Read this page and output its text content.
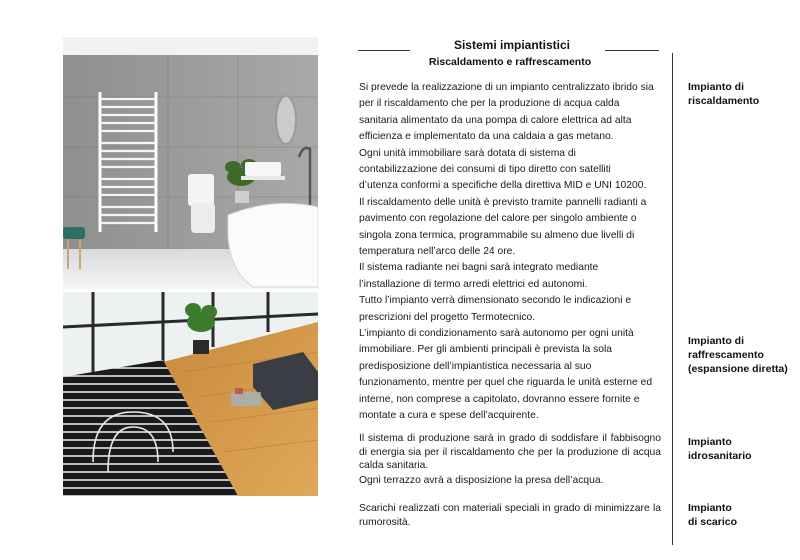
Sistemi impiantistici
Riscaldamento e raffrescamento

Si prevede la realizzazione di un impianto centralizzato ibrido sia

per il riscaldamento che per la produzione di acqua calda

sanitaria alimentato da una pompa di calore elettrica ad alta

efficienza e implementato da una caldaia a gas metano.

Ogni unità immobiliare sarà dotata di sistema di

contabilizzazione dei consumi di tipo diretto con satelliti

d’utenza conformi a specifiche della direttiva MID e UNI 10200.

Il riscaldamento delle unità è previsto tramite pannelli radianti a

pavimento con regolazione del calore per singolo ambiente o

singola zona termica, programmabile su almeno due livelli di

temperatura nell’arco delle 24 ore.

Il sistema radiante nei bagni sarà integrato mediante

l’installazione di termo arredi elettrici ed autonomi.

Tutto l’impianto verrà dimensionato secondo le indicazioni e

prescrizioni del progetto Termotecnico.

L’impianto di condizionamento sarà autonomo per ogni unità

immobiliare. Per gli ambienti principali è prevista la sola

predisposizione dell’impiantistica necessaria al suo

funzionamento, mentre per quel che riguarda le unità esterne ed

interne, non comprese a capitolato, dovranno essere fornite e

montate a cura e spese dell’acquirente.

Il sistema di produzione sarà in grado di soddisfare il fabbisogno di energia sia per il riscaldamento che per la produzione di acqua calda sanitaria.

Ogni terrazzo avrà a disposizione la presa dell’acqua.

Scarichi realizzati con materiali speciali in grado di minimizzare la rumorosità.

Impianto di
riscaldamento
Impianto di
raffrescamento
(espansione diretta)
Impianto
idrosanitario
Impianto
di scarico
